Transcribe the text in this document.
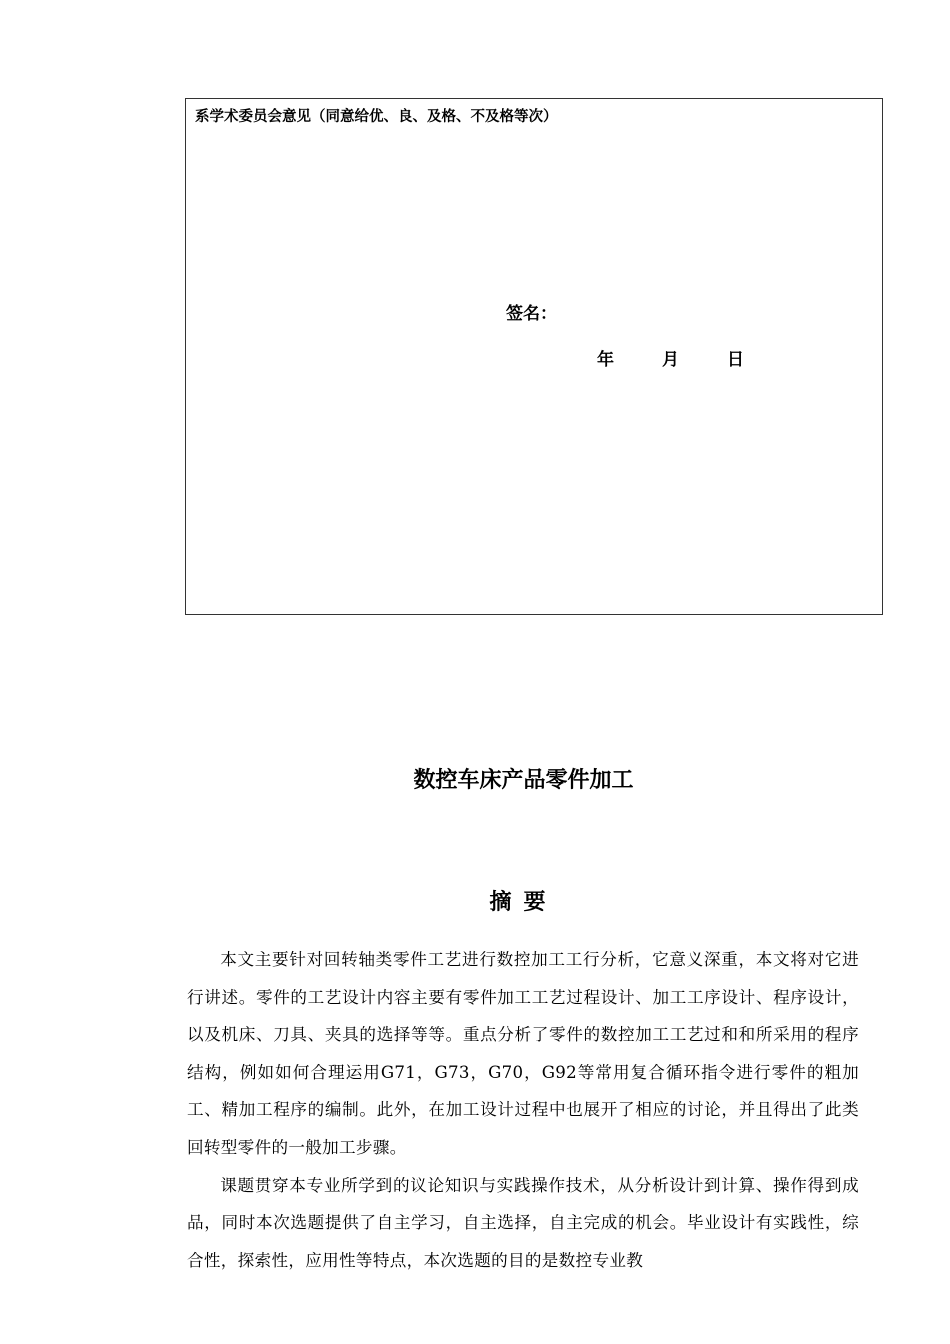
系学术委员会意见（同意给优、良、及格、不及格等次）
签名：
年	月	日
数控车床产品零件加工
摘要

本文主要针对回转轴类零件工艺进行数控加工工行分析，它意义深重，本文将对它进行讲述。零件的工艺设计内容主要有零件加工工艺过程设计、加工工序设计、程序设计，以及机床、刀具、夹具的选择等等。重点分析了零件的数控加工工艺过和和所采用的程序结构，例如如何合理运用G71，G73，G70，G92等常用复合循环指令进行零件的粗加工、精加工程序的编制。此外，在加工设计过程中也展开了相应的讨论，并且得出了此类回转型零件的一般加工步骤。

课题贯穿本专业所学到的议论知识与实践操作技术，从分析设计到计算、操作得到成品，同时本次选题提供了自主学习，自主选择，自主完成的机会。毕业设计有实践性，综合性，探索性，应用性等特点，本次选题的目的是数控专业教
